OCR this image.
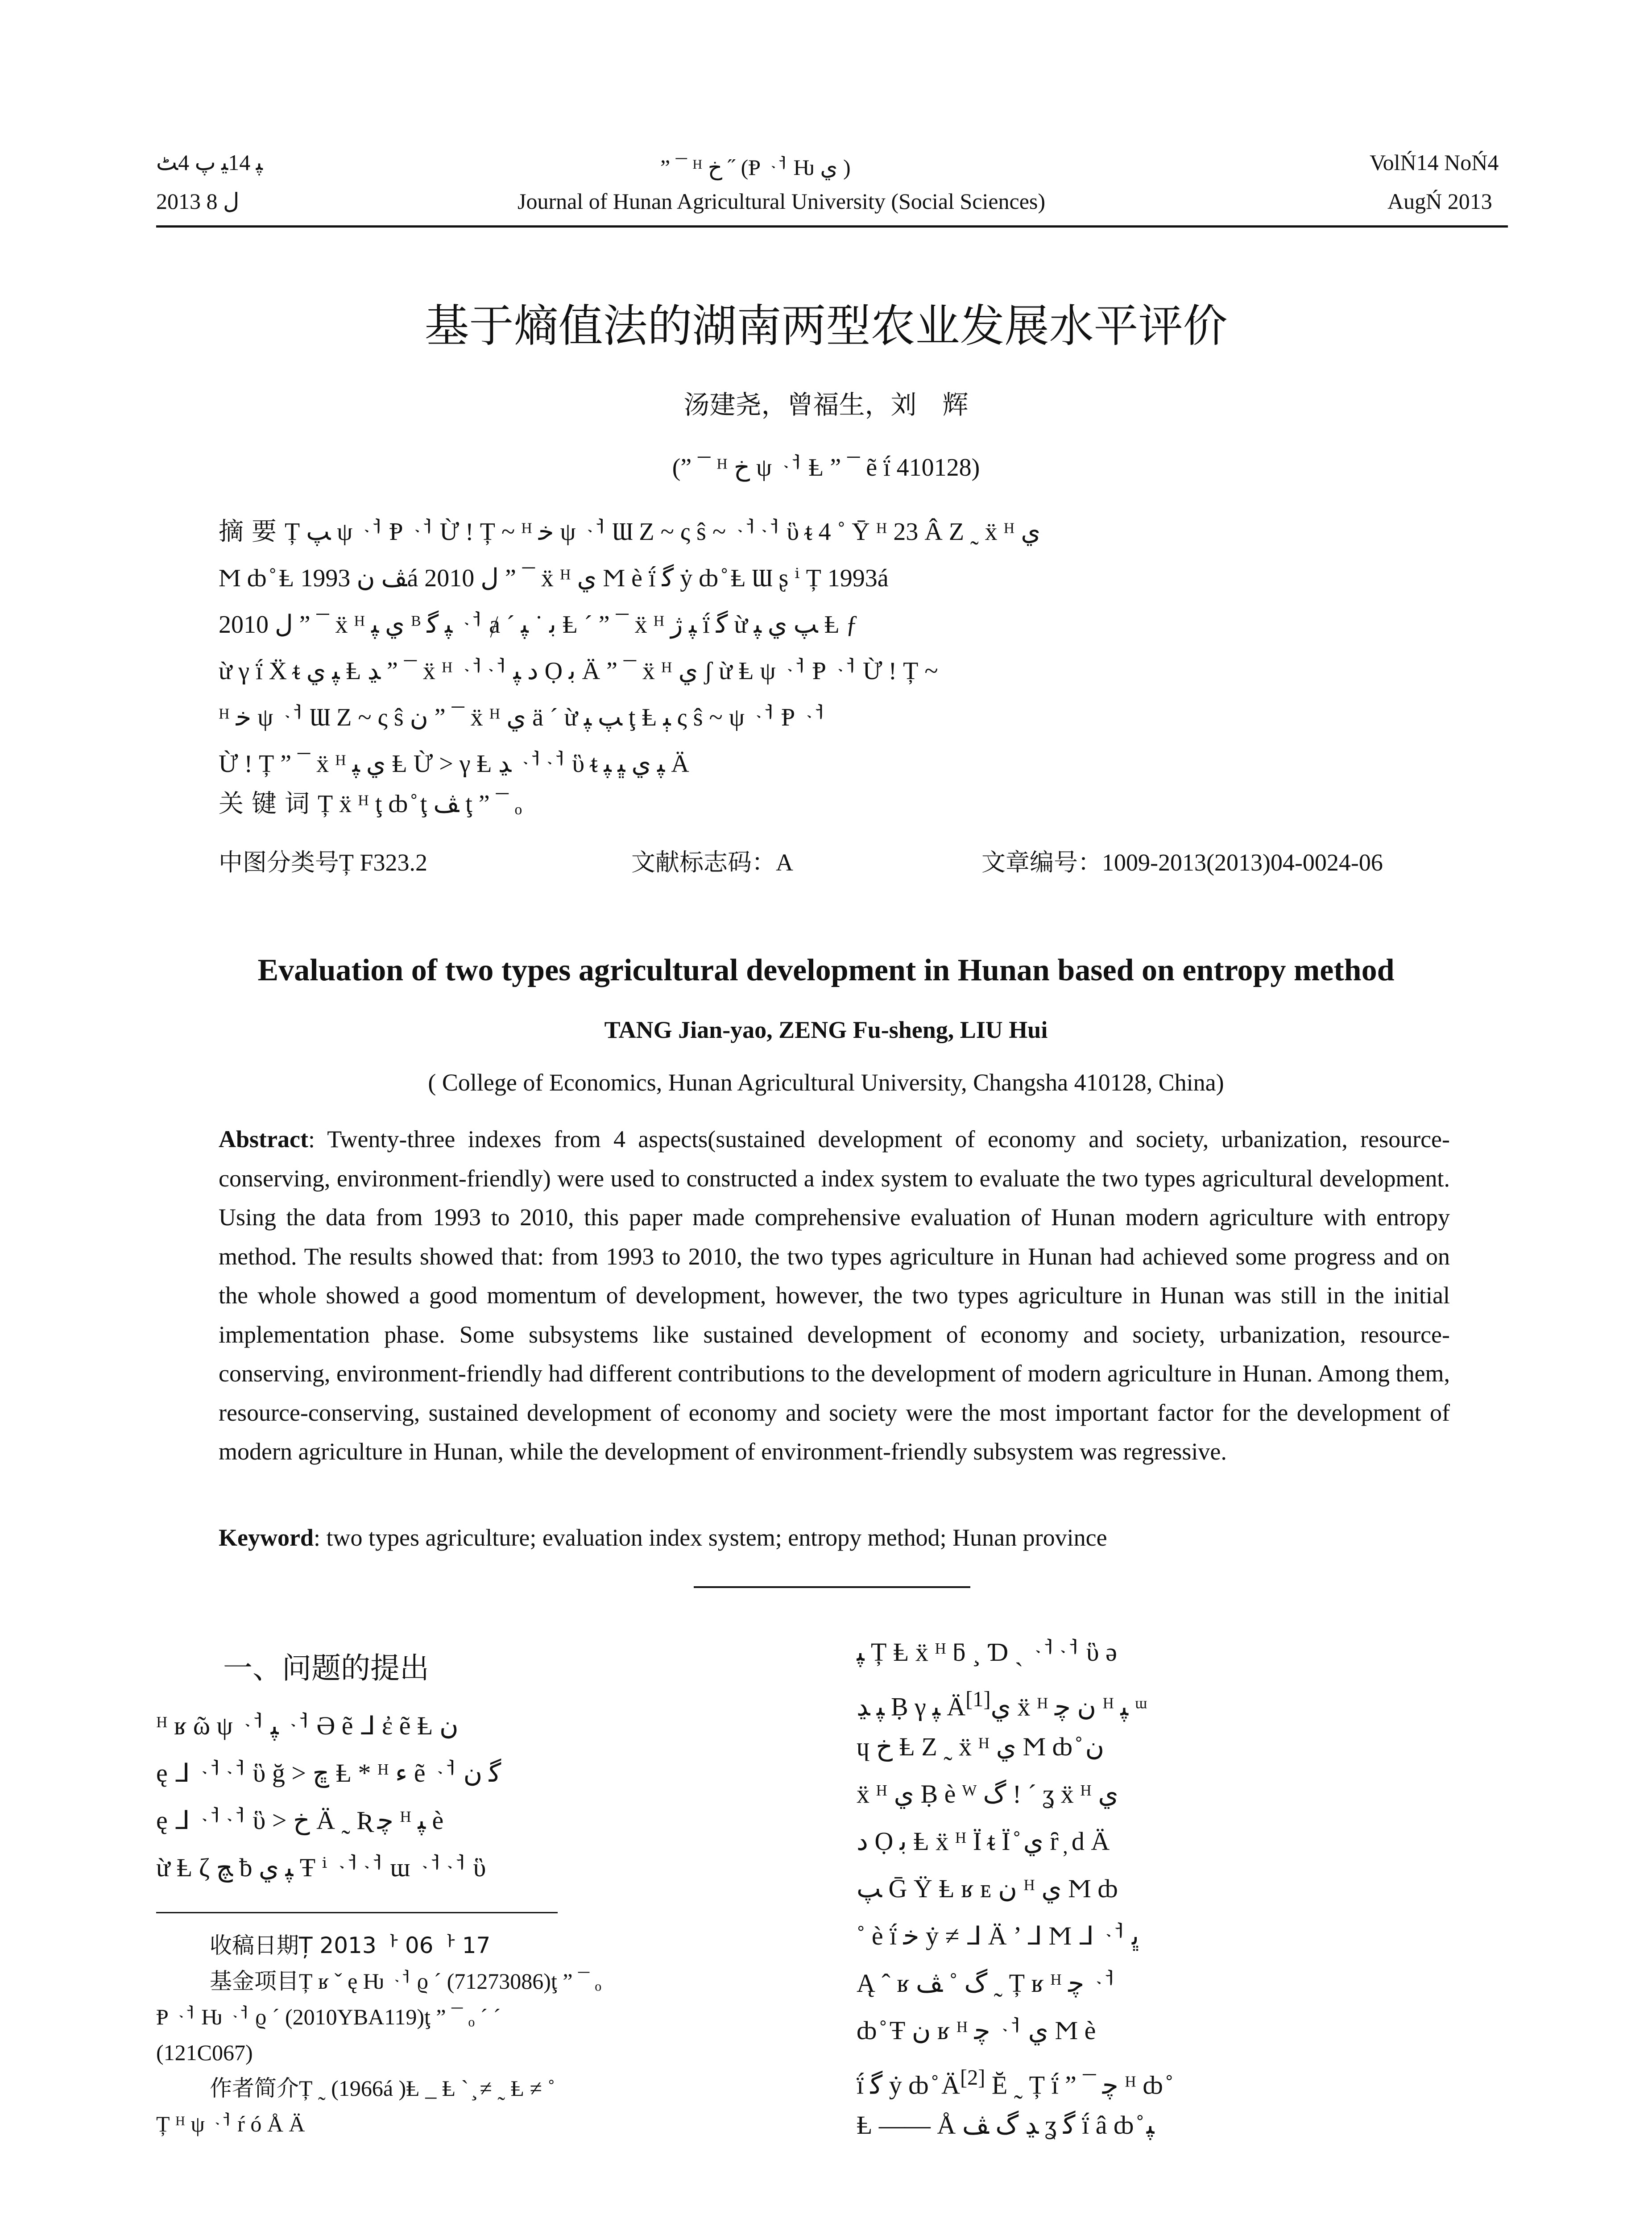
ﭙ 14ﯿ ﭖ 4ﭧ
2013 ﻝ 8
” ¯ ᴴ ﺥ ˝ (Ᵽ ᆟ Ƕ ﻱ )
Journal of Hunan Agricultural University (Social Sciences)
VolŃ14 NoŃ4
AugŃ 2013
基于熵值法的湖南两型农业发展水平评价
汤建尧，曾福生，刘　辉
(” ¯ ᴴ ﺥ ψ ᆟ Ⱡ ” ¯ ẽ ḯ 410128)
摘要Ț ﭗ ψ ᆟ Ᵽ ᆟ Ừ ! Ț ~ ᴴ ﺧ ψ ᆟ Ɯ Ζ ~ ς ŝ ~ ᆟᆟ ὓ ᵵ 4 ˚ Ῡ ᴴ 23 Â Ζ ˷ ẍ ᴴ ﻱ
Ϻ ȸ ̊ Ⱡ ﭫ ﻥ 1993á 2010 ﻝ ” ¯ ẍ ᴴ ﻱ Ϻ è ḯ ﮔ ẏ ȸ ̊ Ⱡ Ɯ ʂ ⁱ Ț 1993á
2010 ﻝ ” ¯ ẍ ᴴ ﻱ ﭙ ᴮ ﭙ ﮔ ᆟ ⱥ ˊ ﺑ ˙ ﭙ Ⱡ ˊ ” ¯ ẍ ᴴ ﭙ ﮊ ḯ ﮔ ừ ﭗ ﻱ ﭙ Ⱡ ƒ
ừ γ ḯ Ẍ ᵵ ﭙ ﻱ Ⱡ ﮃ ” ¯ ẍ ᴴ ᆟᆟ ﺩ ﭙ Ọ ﺑ Ä ” ¯ ẍ ᴴ ﻱ ʃ ừ Ⱡ ψ ᆟ Ᵽ ᆟ Ừ ! Ț ~
ᴴ ﺧ ψ ᆟ Ɯ Ζ ~ ς ŝ ﻥ ” ¯ ẍ ᴴ ﻱ ä ˊ ừ ﭗ ﭙ ţ Ⱡ ﭕ ς ŝ ~ ψ ᆟ Ᵽ ᆟ
Ừ ! Ț ” ¯ ẍ ᴴ ﻱ ﭙ Ⱡ Ừ > γ Ⱡ ﮃ ᆟᆟ ὓ ᵵ ﭙ ﻱ ﭝ ﭙ Ä
关键词Ț ẍ ᴴ ţ ȸ ̊ ţ ﭫ ţ ” ¯ ₒ
中图分类号Ț F323.2	文献标志码：A	文章编号：1009-2013(2013)04-0024-06
Evaluation of two types agricultural development in Hunan based on entropy method
TANG Jian-yao, ZENG Fu-sheng, LIU Hui
( College of Economics, Hunan Agricultural University, Changsha 410128, China)
Abstract: Twenty-three indexes from 4 aspects(sustained development of economy and society, urbanization, resource-conserving, environment-friendly) were used to constructed a index system to evaluate the two types agricultural development. Using the data from 1993 to 2010, this paper made comprehensive evaluation of Hunan modern agriculture with entropy method. The results showed that: from 1993 to 2010, the two types agriculture in Hunan had achieved some progress and on the whole showed a good momentum of development, however, the two types agriculture in Hunan was still in the initial implementation phase. Some subsystems like sustained development of economy and society, urbanization, resource-conserving, environment-friendly had different contributions to the development of modern agriculture in Hunan. Among them, resource-conserving, sustained development of economy and society were the most important factor for the development of modern agriculture in Hunan, while the development of environment-friendly subsystem was regressive.
Keyword: two types agriculture; evaluation index system; entropy method; Hunan province
一、问题的提出
ᴴ ʁ ῶ ψ ᆟ ﭙ ᆟ Ə ẽ ᒧ ἐ ẽ Ⱡ ﻥ
ę ᒧ ᆟᆟ ὓ ğ > ﭾ Ⱡ * ᴴ ﺀ ẽ ᆟ ﮔ ﻥ
ę ᒧ ᆟᆟ ὓ > ﺥ Ä ˷ Ʀ ﭼ ᴴ ﭙ è
ừ Ⱡ ζ ﭻ ƀ ﭙ ﻱ Ŧ ⁱ ᆟᆟ ɯ ᆟᆟ ὓ
收稿日期Ț 2013ᅡ 06ᅡ 17
基金项目Ț ʁ ˇ ę Ƕ ᆟ ϱ ˊ (71273086)ţ ” ¯ ₒ
Ᵽ ᆟ Ƕ ᆟ ϱ ˊ (2010YBA119)ţ ” ¯ ₒ ˊ ˊ
(121C067)
作者简介Ț ˷ (1966á )Ⱡ _ Ⱡ ` ̧ ≠ ˷ Ⱡ ≠ ˚
Ț ᴴ ψ ᆟ ŕ ó Å Ä
ﭙ Ț Ⱡ ẍ ᴴ ƃ ¸ Ɗ ˎ ᆟᆟ ὓ ə
ﭙ ﮃ Ḅ γ ﭙ Ä[1]ﻱ ẍ ᴴ ﻥ ﭼ ᴴ ﭙ ᵚ
ɥ ﺥ Ⱡ Ζ ˷ ẍ ᴴ ﻱ Ϻ ȸ ̊ ﻥ
ẍ ᴴ ﻱ Ḅ è ᵂ ﮒ ! ˊ ʓ ẍ ᴴ ﻱ
ﺩ Ọ ﺑ Ⱡ ẍ ᴴ Ï ᵵ Ï ̊ ﻱ ȓ ̦ ԁ Ä
ﭗ Ḡ Ÿ Ⱡ ʁ ᴇ ﻥ ᴴ ﻱ Ϻ ȸ
˚ è ḯ ﺧ ẏ ≠ ᒧ Ä ’ ᒧ Ϻ ᒧ ᆟ ﭜ
Ą ˆ ʁ ﮒ ˚ ﭫ ˷ Ț ʁ ᴴ ﭼ ᆟ
ȸ ̊ Ŧ ﻥ ʁ ᴴ ﭼ ᆟ ﻱ Ϻ è
ḯ ﮔ ẏ ȸ ̊ Ä[2] Ĕ ˷ Ț ḯ ” ¯ ﭼ ᴴ ȸ ̊
Ⱡ —— Å ﮃ ﮒ ﭫ ʓ ﮔ ḯ â ȸ ̊ ﭙ
